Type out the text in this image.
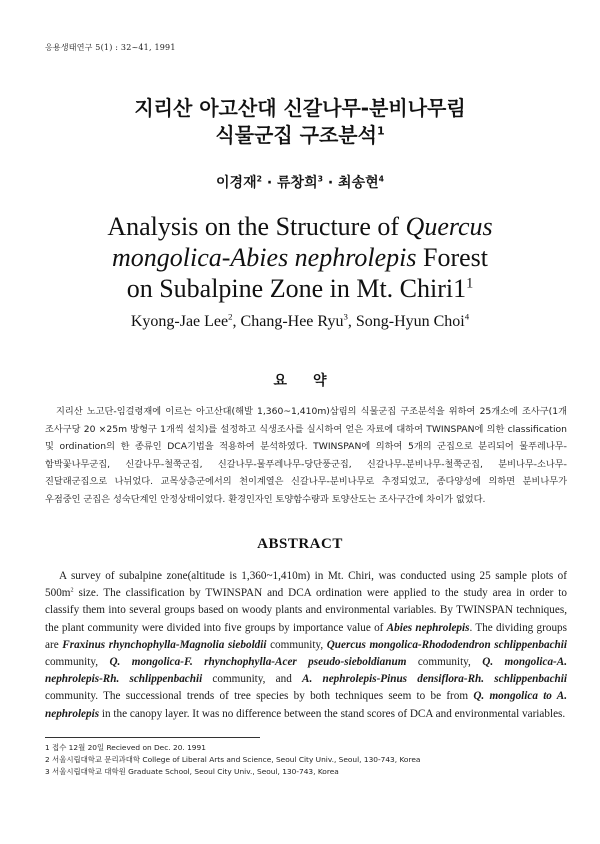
응용생태연구 5(1) : 32~41, 1991
지리산 아고산대 신갈나무-분비나무림
식물군집 구조분석$^1$
이경재$^2$ · 류창희$^3$ · 최송현$^4$
Analysis on the Structure of Quercus
mongolica-Abies nephrolepis Forest
on Subalpine Zone in Mt. $Chiri1^1$
Kyong-Jae Lee$^2$, Chang-Hee Ryu$^3$, Song-Hyun Choi$^4$
요약
지리산 노고단-임걸령재에 이르는 아고산대(해발 1,360~1,410m)삼림의 식물군집 구조분석을 위하여 25개소에 조사구(1개 조사구당 20 ×25m 방형구 1개씩 설치)를 설정하고 식생조사를 실시하여 얻은 자료에 대하여 TWINSPAN에 의한 classification 및 ordination의 한 종류인 DCA기법을 적용하여 분석하였다. TWINSPAN에 의하여 5개의 군집으로 분리되어 물푸레나무-함박꽃나무군집, 신갈나무-철쭉군집, 신갈나무-물푸레나무-당단풍군집, 신갈나무-분비나무-철쭉군집, 분비나무-소나무-진달래군집으로 나뉘었다. 교목상층군에서의 천이계열은 신갈나무-분비나무로 추정되었고, 종다양성에 의하면 분비나무가 우점중인 군집은 성숙단계인 안정상태이었다. 환경인자인 토양함수량과 토양산도는 조사구간에 차이가 없었다.
ABSTRACT
A survey of subalpine zone(altitude is 1,360~1,410m) in Mt. Chiri, was conducted using 25 sample plots of $500m^2$ size. The classification by TWINSPAN and DCA ordination were applied to the study area in order to classify them into several groups based on woody plants and environmental variables. By TWINSPAN techniques, the plant community were divided into five groups by importance value of Abies nephrolepis. The dividing groups are Fraxinus rhynchophylla-Magnolia sieboldii community, Quercus mongolica-Rhododendron schlippenbachii community, Q. mongolica-F. rhynchophylla-Acer pseudo-sieboldianum community, Q. mongolica-A. nephrolepis-Rh. schlippenbachii community, and A. nephrolepis-Pinus densiflora-Rh. schlippenbachii community. The successional trends of tree species by both techniques seem to be from Q. mongolica to A. nephrolepis in the canopy layer. It was no difference between the stand scores of DCA and environmental variables.
1 접수 12월 20일 Recieved on Dec. 20. 1991
2 서울시립대학교 문리과대학 College of Liberal Arts and Science, Seoul City Univ., Seoul, 130-743, Korea
3 서울시립대학교 대학원 Graduate School, Seoul City Univ., Seoul, 130-743, Korea
